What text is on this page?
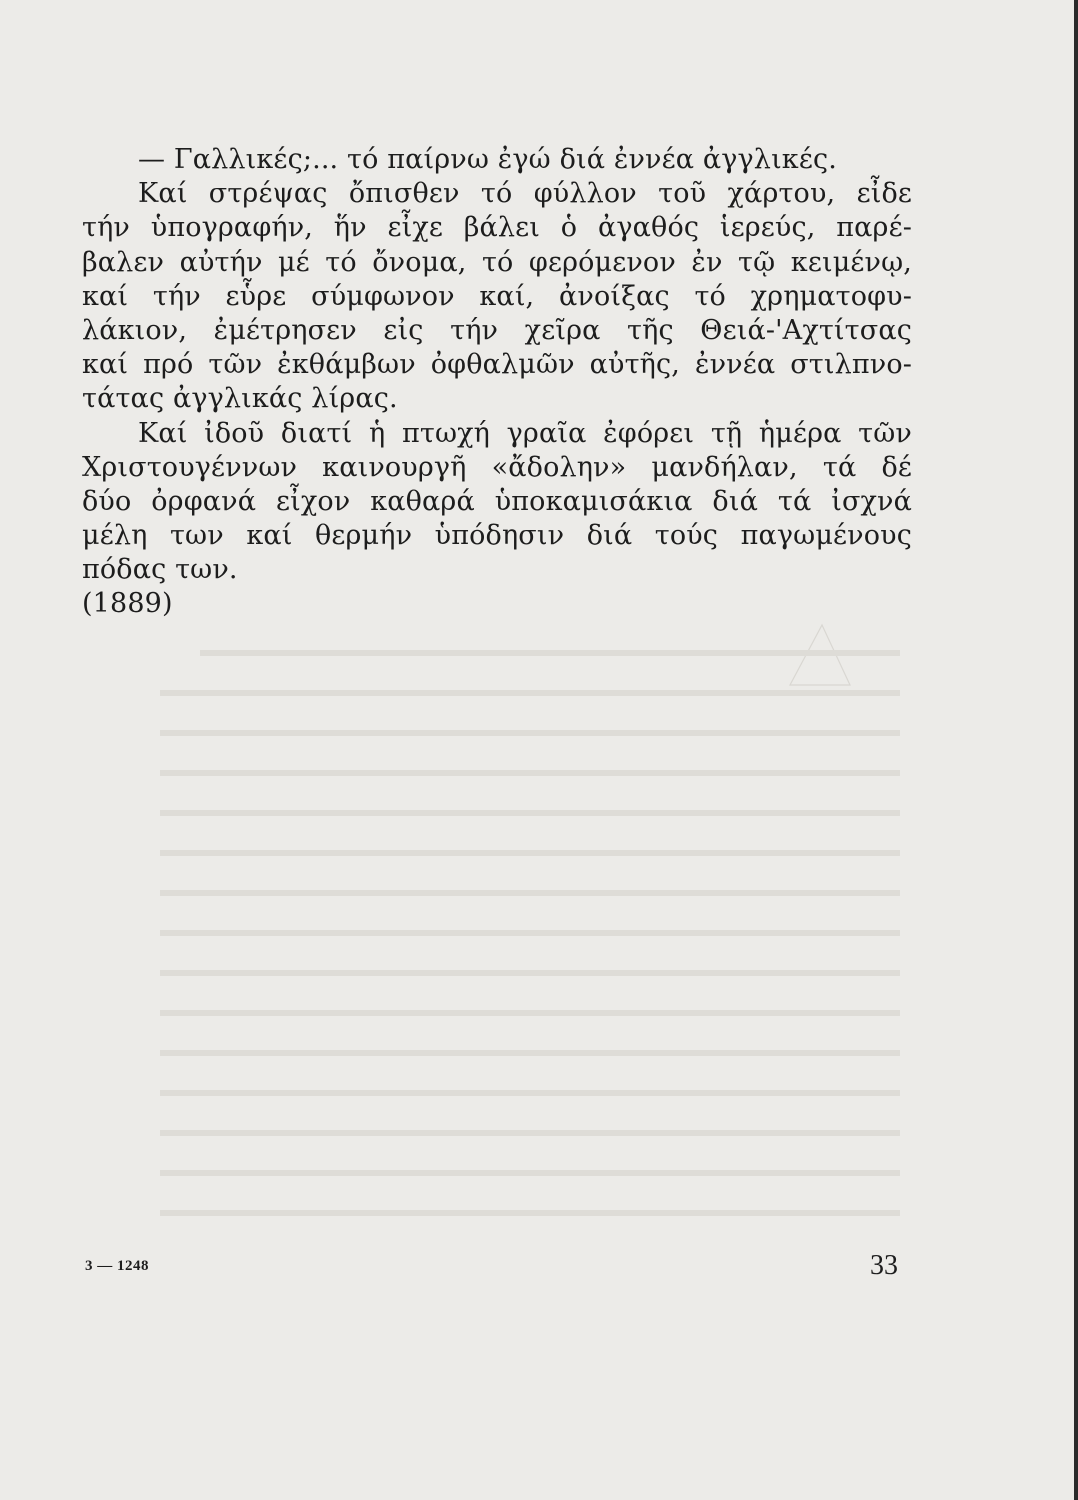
— Γαλλικές;... τό παίρνω ἐγώ διά ἐννέα ἀγγλικές.
Καί στρέψας ὄπισθεν τό φύλλον τοῦ χάρτου, εἶδε
τήν ὑπογραφήν, ἥν εἶχε βάλει ὁ ἀγαθός ἱερεύς, παρέ-
βαλεν αὐτήν μέ τό ὄνομα, τό φερόμενον ἐν τῷ κειμένῳ,
καί τήν εὗρε σύμφωνον καί, ἀνοίξας τό χρηματοφυ-
λάκιον, ἐμέτρησεν εἰς τήν χεῖρα τῆς Θειά-'Αχτίτσας
καί πρό τῶν ἐκθάμβων ὀφθαλμῶν αὐτῆς, ἐννέα στιλπνο-
τάτας ἀγγλικάς λίρας.
Καί ἰδοῦ διατί ἡ πτωχή γραῖα ἐφόρει τῇ ἡμέρα τῶν
Χριστουγέννων καινουργῆ «ἄδολην» μανδήλαν, τά δέ
δύο ὀρφανά εἶχον καθαρά ὑποκαμισάκια διά τά ἰσχνά
μέλη των καί θερμήν ὑπόδησιν διά τούς παγωμένους
πόδας των.
(1889)
3 — 1248	33
